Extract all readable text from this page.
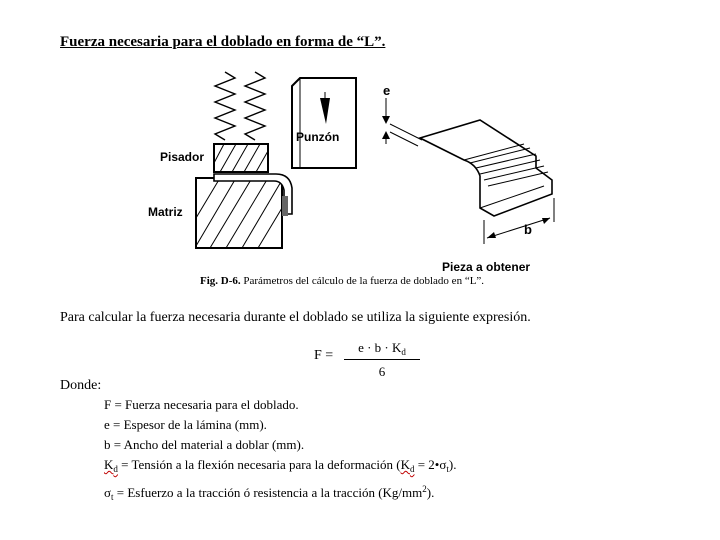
Fuerza necesaria para el doblado en forma de “L”.
Pisador
Matriz
Punzón
e
b
Pieza a obtener
Fig. D-6. Parámetros del cálculo de la fuerza de doblado en “L”.
Para calcular la fuerza necesaria durante el doblado se utiliza la siguiente expresión.
F =
$e \cdot b \cdot K_d$
6
Donde:
F = Fuerza necesaria para el doblado.
e = Espesor de la lámina (mm).
b = Ancho del material a doblar (mm).
$K_d$ = Tensión a la flexión necesaria para la deformación ($K_d$ = $2•\sigma_t$).
$\sigma_t$ = Esfuerzo a la tracción ó resistencia a la tracción $(Kg/mm^2)$.
